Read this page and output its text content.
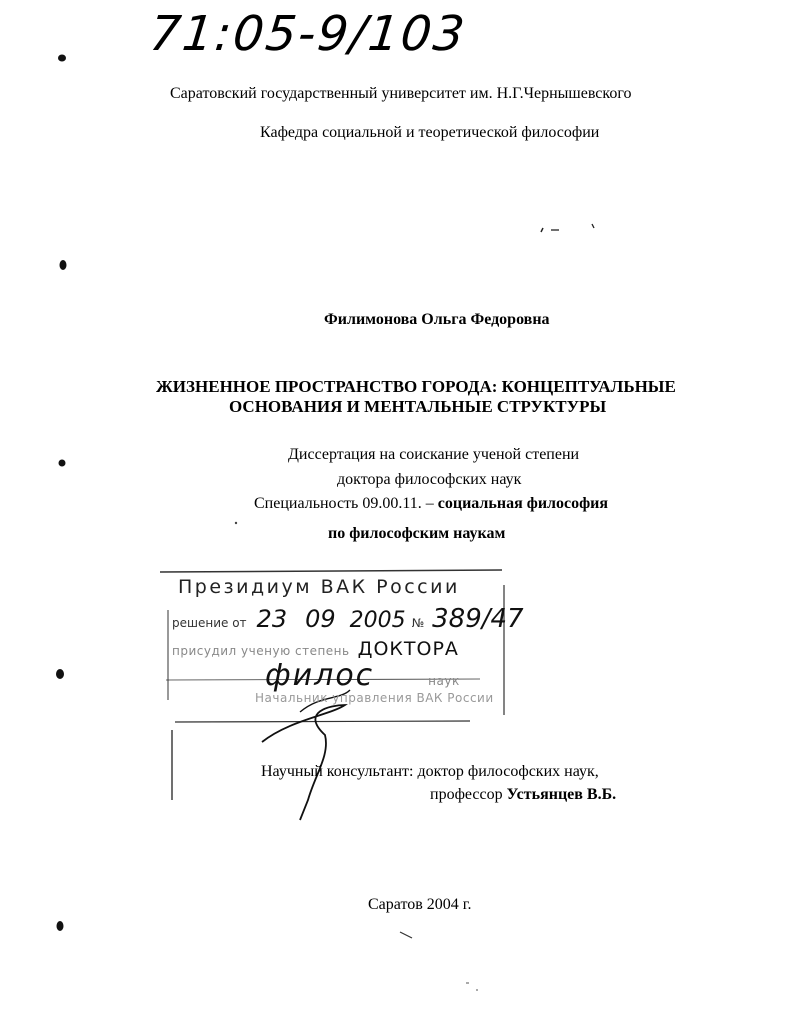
71:05-9/103
Саратовский государственный университет им. Н.Г.Чернышевского
Кафедра социальной и теоретической философии
Филимонова Ольга Федоровна
ЖИЗНЕННОЕ ПРОСТРАНСТВО ГОРОДА: КОНЦЕПТУАЛЬНЫЕ
ОСНОВАНИЯ И МЕНТАЛЬНЫЕ СТРУКТУРЫ
Диссертация на соискание ученой степени
доктора философских наук
Специальность 09.00.11. – социальная философия
по философским наукам
Президиум ВАК России
решение от 23 09 2005 № 389/47
присудил ученую степень ДОКТОРА
филос	наук
Начальник управления ВАК России
Научный консультант: доктор философских наук,
профессор Устьянцев В.Б.
Саратов 2004 г.
